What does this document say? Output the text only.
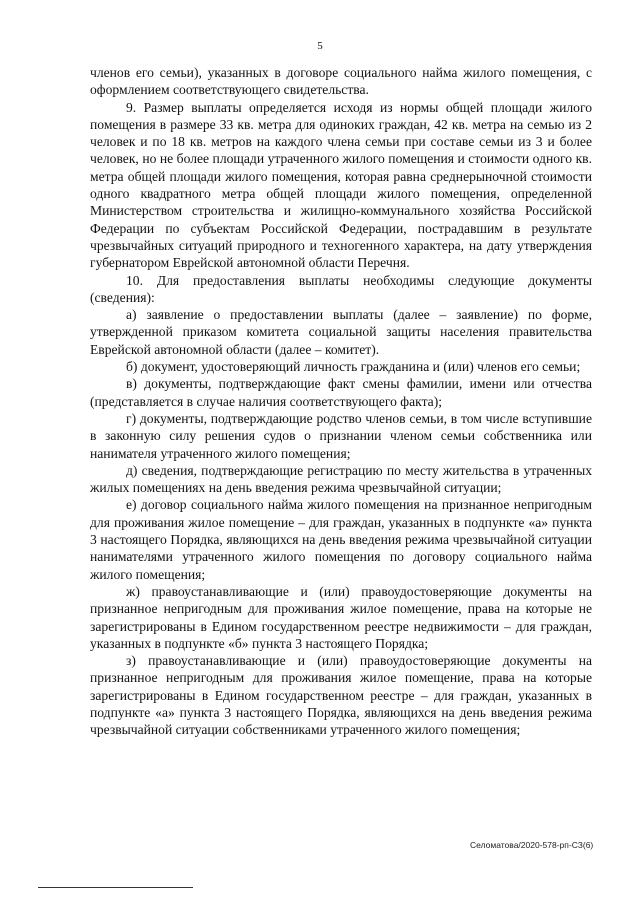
5

членов его семьи), указанных в договоре социального найма жилого помещения, с оформлением соответствующего свидетельства.

9. Размер выплаты определяется исходя из нормы общей площади жилого помещения в размере 33 кв. метра для одиноких граждан, 42 кв. метра на семью из 2 человек и по 18 кв. метров на каждого члена семьи при составе семьи из 3 и более человек, но не более площади утраченного жилого помещения и стоимости одного кв. метра общей площади жилого помещения, которая равна среднерыночной стоимости одного квадратного метра общей площади жилого помещения, определенной Министерством строительства и жилищно-коммунального хозяйства Российской Федерации по субъектам Российской Федерации, пострадавшим в результате чрезвычайных ситуаций природного и техногенного характера, на дату утверждения губернатором Еврейской автономной области Перечня.

10. Для предоставления выплаты необходимы следующие документы (сведения):

а) заявление о предоставлении выплаты (далее – заявление) по форме, утвержденной приказом комитета социальной защиты населения правительства Еврейской автономной области (далее – комитет).

б) документ, удостоверяющий личность гражданина и (или) членов его семьи;

в) документы, подтверждающие факт смены фамилии, имени или отчества (представляется в случае наличия соответствующего факта);

г) документы, подтверждающие родство членов семьи, в том числе вступившие в законную силу решения судов о признании членом семьи собственника или нанимателя утраченного жилого помещения;

д) сведения, подтверждающие регистрацию по месту жительства в утраченных жилых помещениях на день введения режима чрезвычайной ситуации;

е) договор социального найма жилого помещения на признанное непригодным для проживания жилое помещение – для граждан, указанных в подпункте «а» пункта 3 настоящего Порядка, являющихся на день введения режима чрезвычайной ситуации нанимателями утраченного жилого помещения по договору социального найма жилого помещения;

ж) правоустанавливающие и (или) правоудостоверяющие документы на признанное непригодным для проживания жилое помещение, права на которые не зарегистрированы в Едином государственном реестре недвижимости – для граждан, указанных в подпункте «б» пункта 3 настоящего Порядка;

з) правоустанавливающие и (или) правоудостоверяющие документы на признанное непригодным для проживания жилое помещение, права на которые зарегистрированы в Едином государственном реестре – для граждан, указанных в подпункте «а» пункта 3 настоящего Порядка, являющихся на день введения режима чрезвычайной ситуации собственниками утраченного жилого помещения;

Селоматова/2020-578-рп-СЗ(6)
